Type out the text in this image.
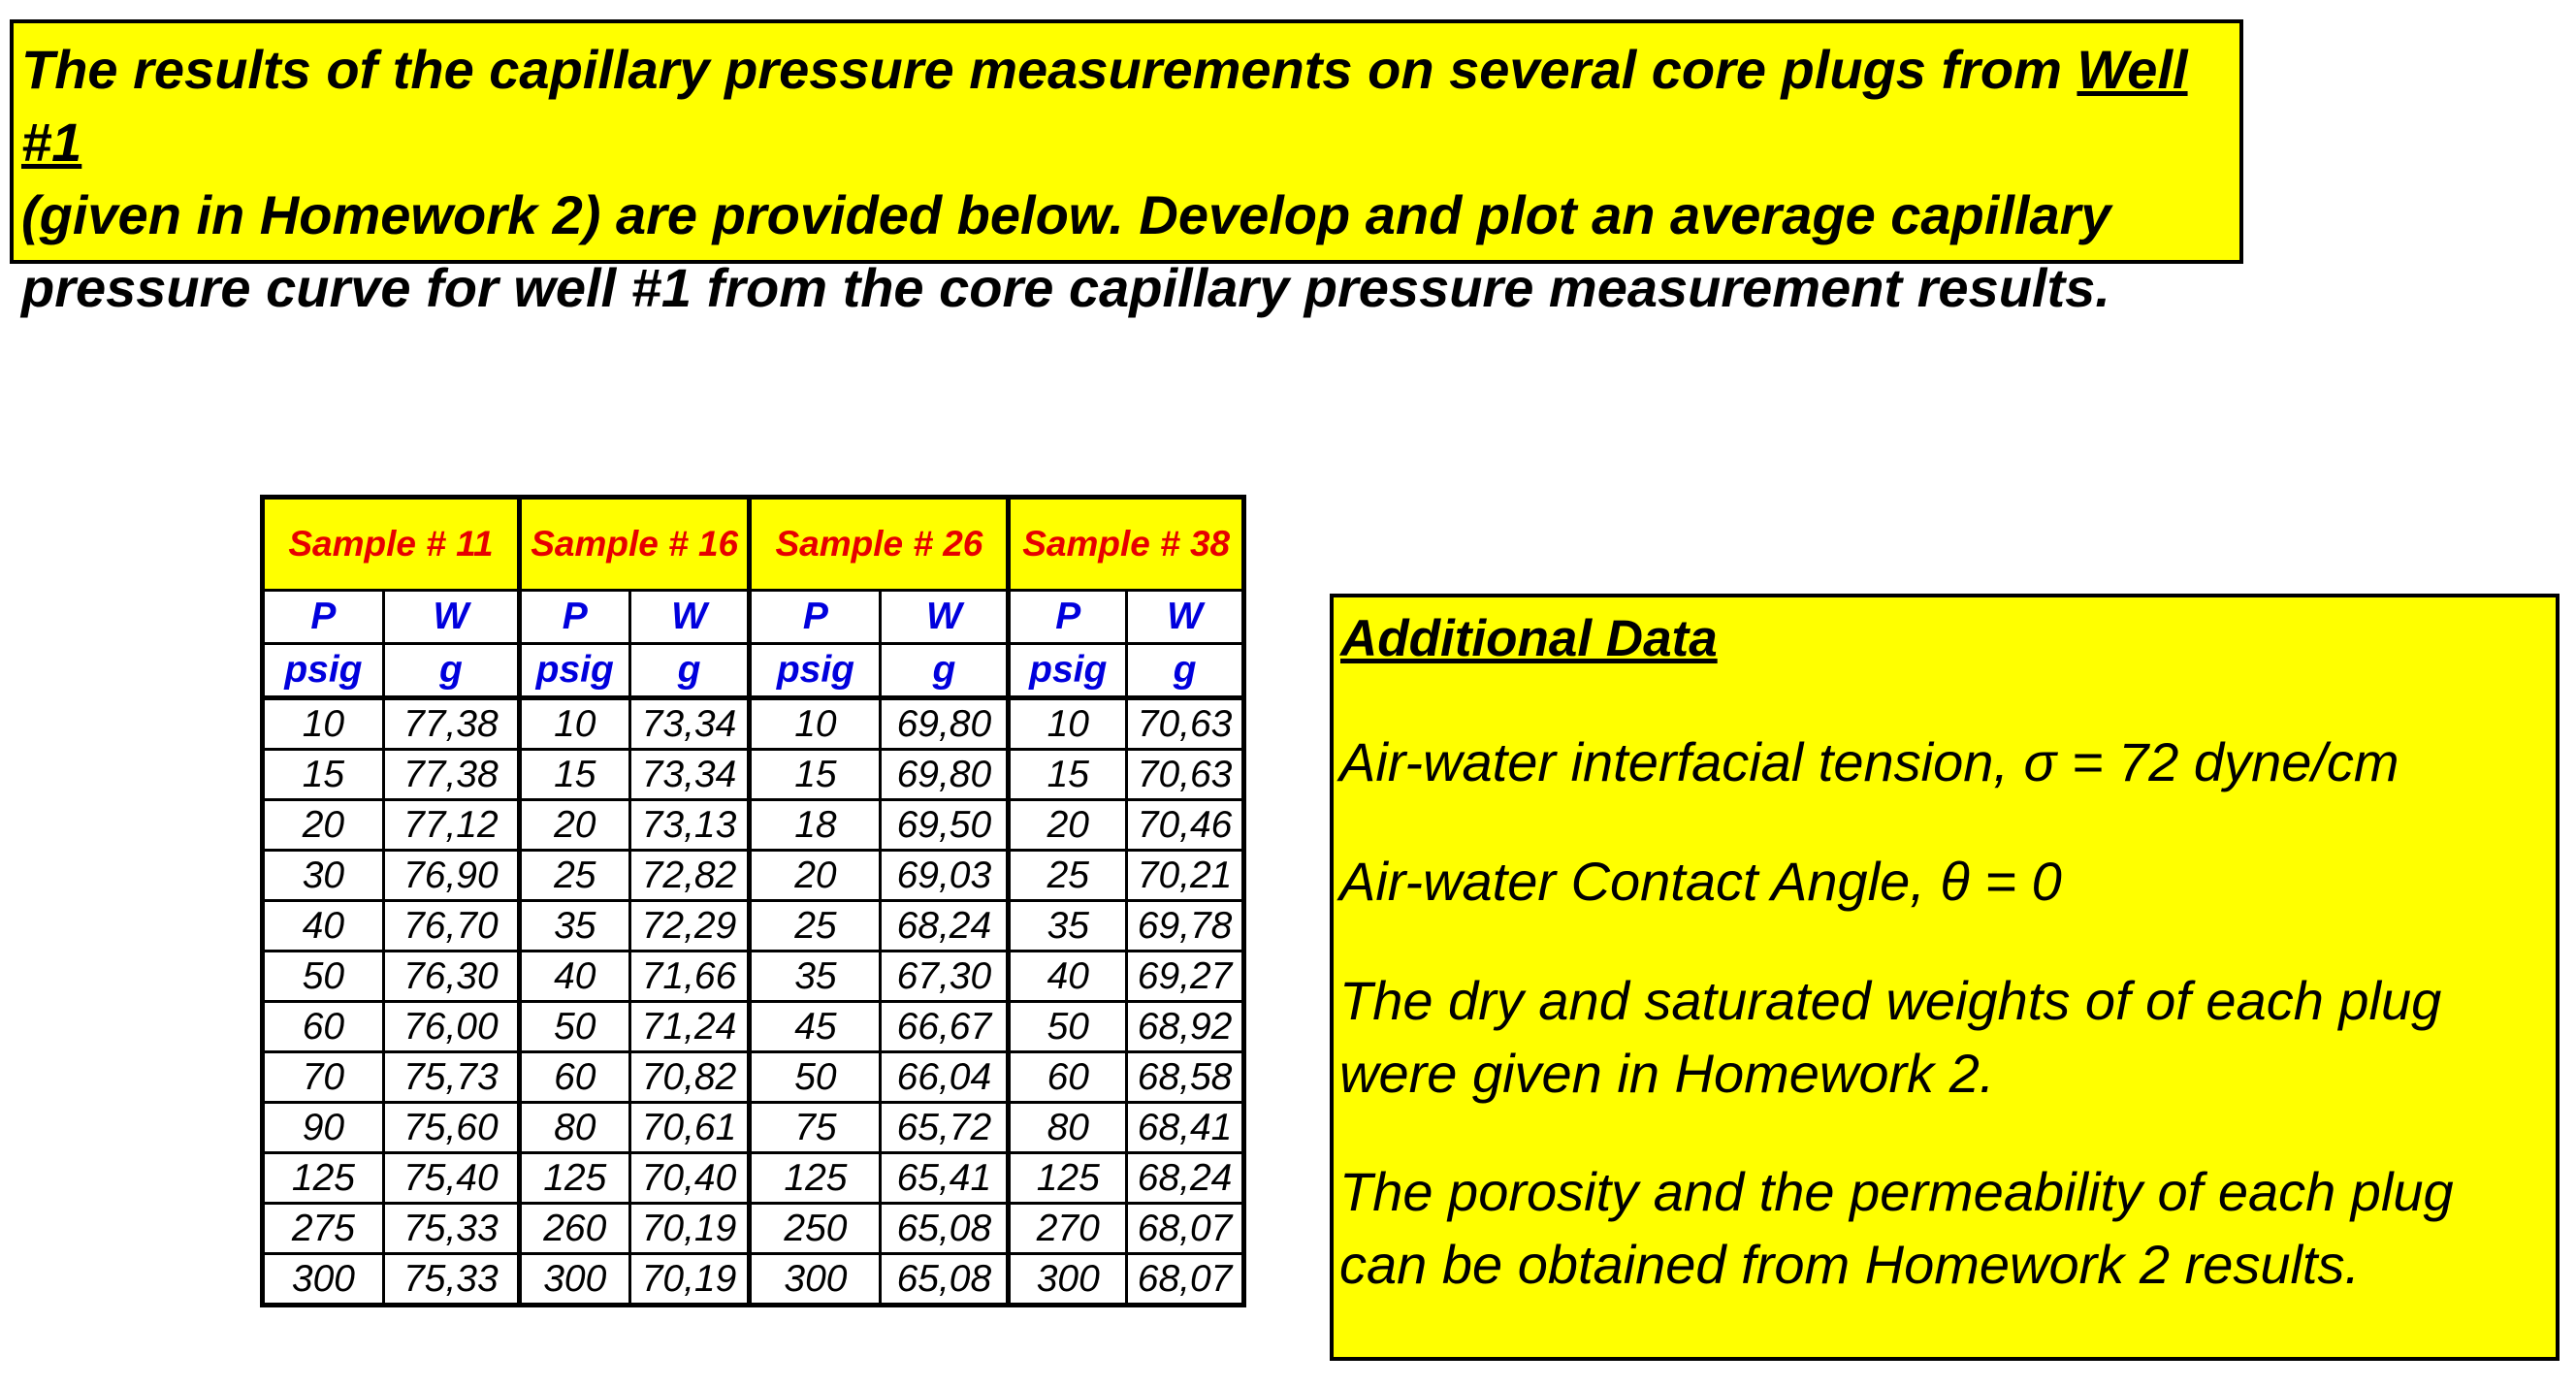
The results of the capillary pressure measurements on several core plugs from Well #1
(given in Homework 2) are provided below. Develop and plot an average capillary
pressure curve for well #1 from the core capillary pressure measurement results.
Sample # 11		Sample # 16		Sample # 26		Sample # 38	
P	W	P	W	P	W	P	W
psig	g	psig	g	psig	g	psig	g
10	77,38	10	73,34	10	69,80	10	70,63
15	77,38	15	73,34	15	69,80	15	70,63
20	77,12	20	73,13	18	69,50	20	70,46
30	76,90	25	72,82	20	69,03	25	70,21
40	76,70	35	72,29	25	68,24	35	69,78
50	76,30	40	71,66	35	67,30	40	69,27
60	76,00	50	71,24	45	66,67	50	68,92
70	75,73	60	70,82	50	66,04	60	68,58
90	75,60	80	70,61	75	65,72	80	68,41
125	75,40	125	70,40	125	65,41	125	68,24
275	75,33	260	70,19	250	65,08	270	68,07
300	75,33	300	70,19	300	65,08	300	68,07
Additional Data
Air-water interfacial tension, σ = 72 dyne/cm
Air-water Contact Angle, θ = 0
The dry and saturated weights of of each plug
were given in Homework 2.
The porosity and the permeability of each plug
can be obtained from Homework 2 results.
